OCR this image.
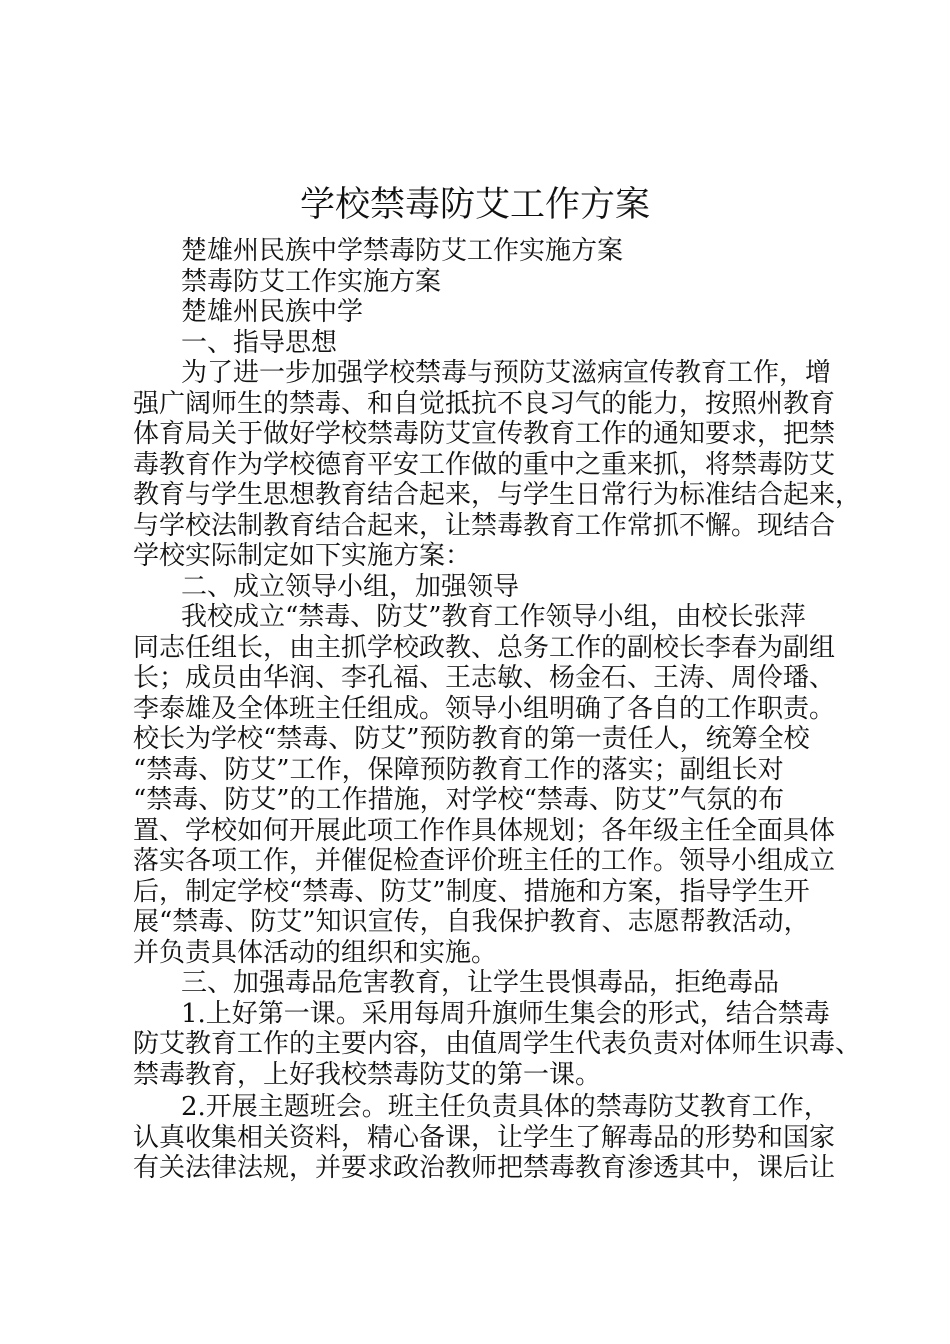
学校禁毒防艾工作方案
楚雄州民族中学禁毒防艾工作实施方案
禁毒防艾工作实施方案
楚雄州民族中学
一、指导思想
为了进一步加强学校禁毒与预防艾滋病宣传教育工作，增
强广阔师生的禁毒、和自觉抵抗不良习气的能力，按照州教育
体育局关于做好学校禁毒防艾宣传教育工作的通知要求，把禁
毒教育作为学校德育平安工作做的重中之重来抓，将禁毒防艾
教育与学生思想教育结合起来，与学生日常行为标准结合起来，
与学校法制教育结合起来，让禁毒教育工作常抓不懈。现结合
学校实际制定如下实施方案：
二、成立领导小组，加强领导
我校成立“禁毒、防艾”教育工作领导小组，由校长张萍
同志任组长，由主抓学校政教、总务工作的副校长李春为副组
长；成员由华润、李孔福、王志敏、杨金石、王涛、周伶璠、
李泰雄及全体班主任组成。领导小组明确了各自的工作职责。
校长为学校“禁毒、防艾”预防教育的第一责任人，统筹全校
“禁毒、防艾”工作，保障预防教育工作的落实；副组长对
“禁毒、防艾”的工作措施，对学校“禁毒、防艾”气氛的布
置、学校如何开展此项工作作具体规划；各年级主任全面具体
落实各项工作，并催促检查评价班主任的工作。领导小组成立
后，制定学校“禁毒、防艾”制度、措施和方案，指导学生开
展“禁毒、防艾”知识宣传，自我保护教育、志愿帮教活动，
并负责具体活动的组织和实施。
三、加强毒品危害教育，让学生畏惧毒品，拒绝毒品
1.上好第一课。采用每周升旗师生集会的形式，结合禁毒
防艾教育工作的主要内容，由值周学生代表负责对体师生识毒、
禁毒教育，上好我校禁毒防艾的第一课。
2.开展主题班会。班主任负责具体的禁毒防艾教育工作，
认真收集相关资料，精心备课，让学生了解毒品的形势和国家
有关法律法规，并要求政治教师把禁毒教育渗透其中，课后让
